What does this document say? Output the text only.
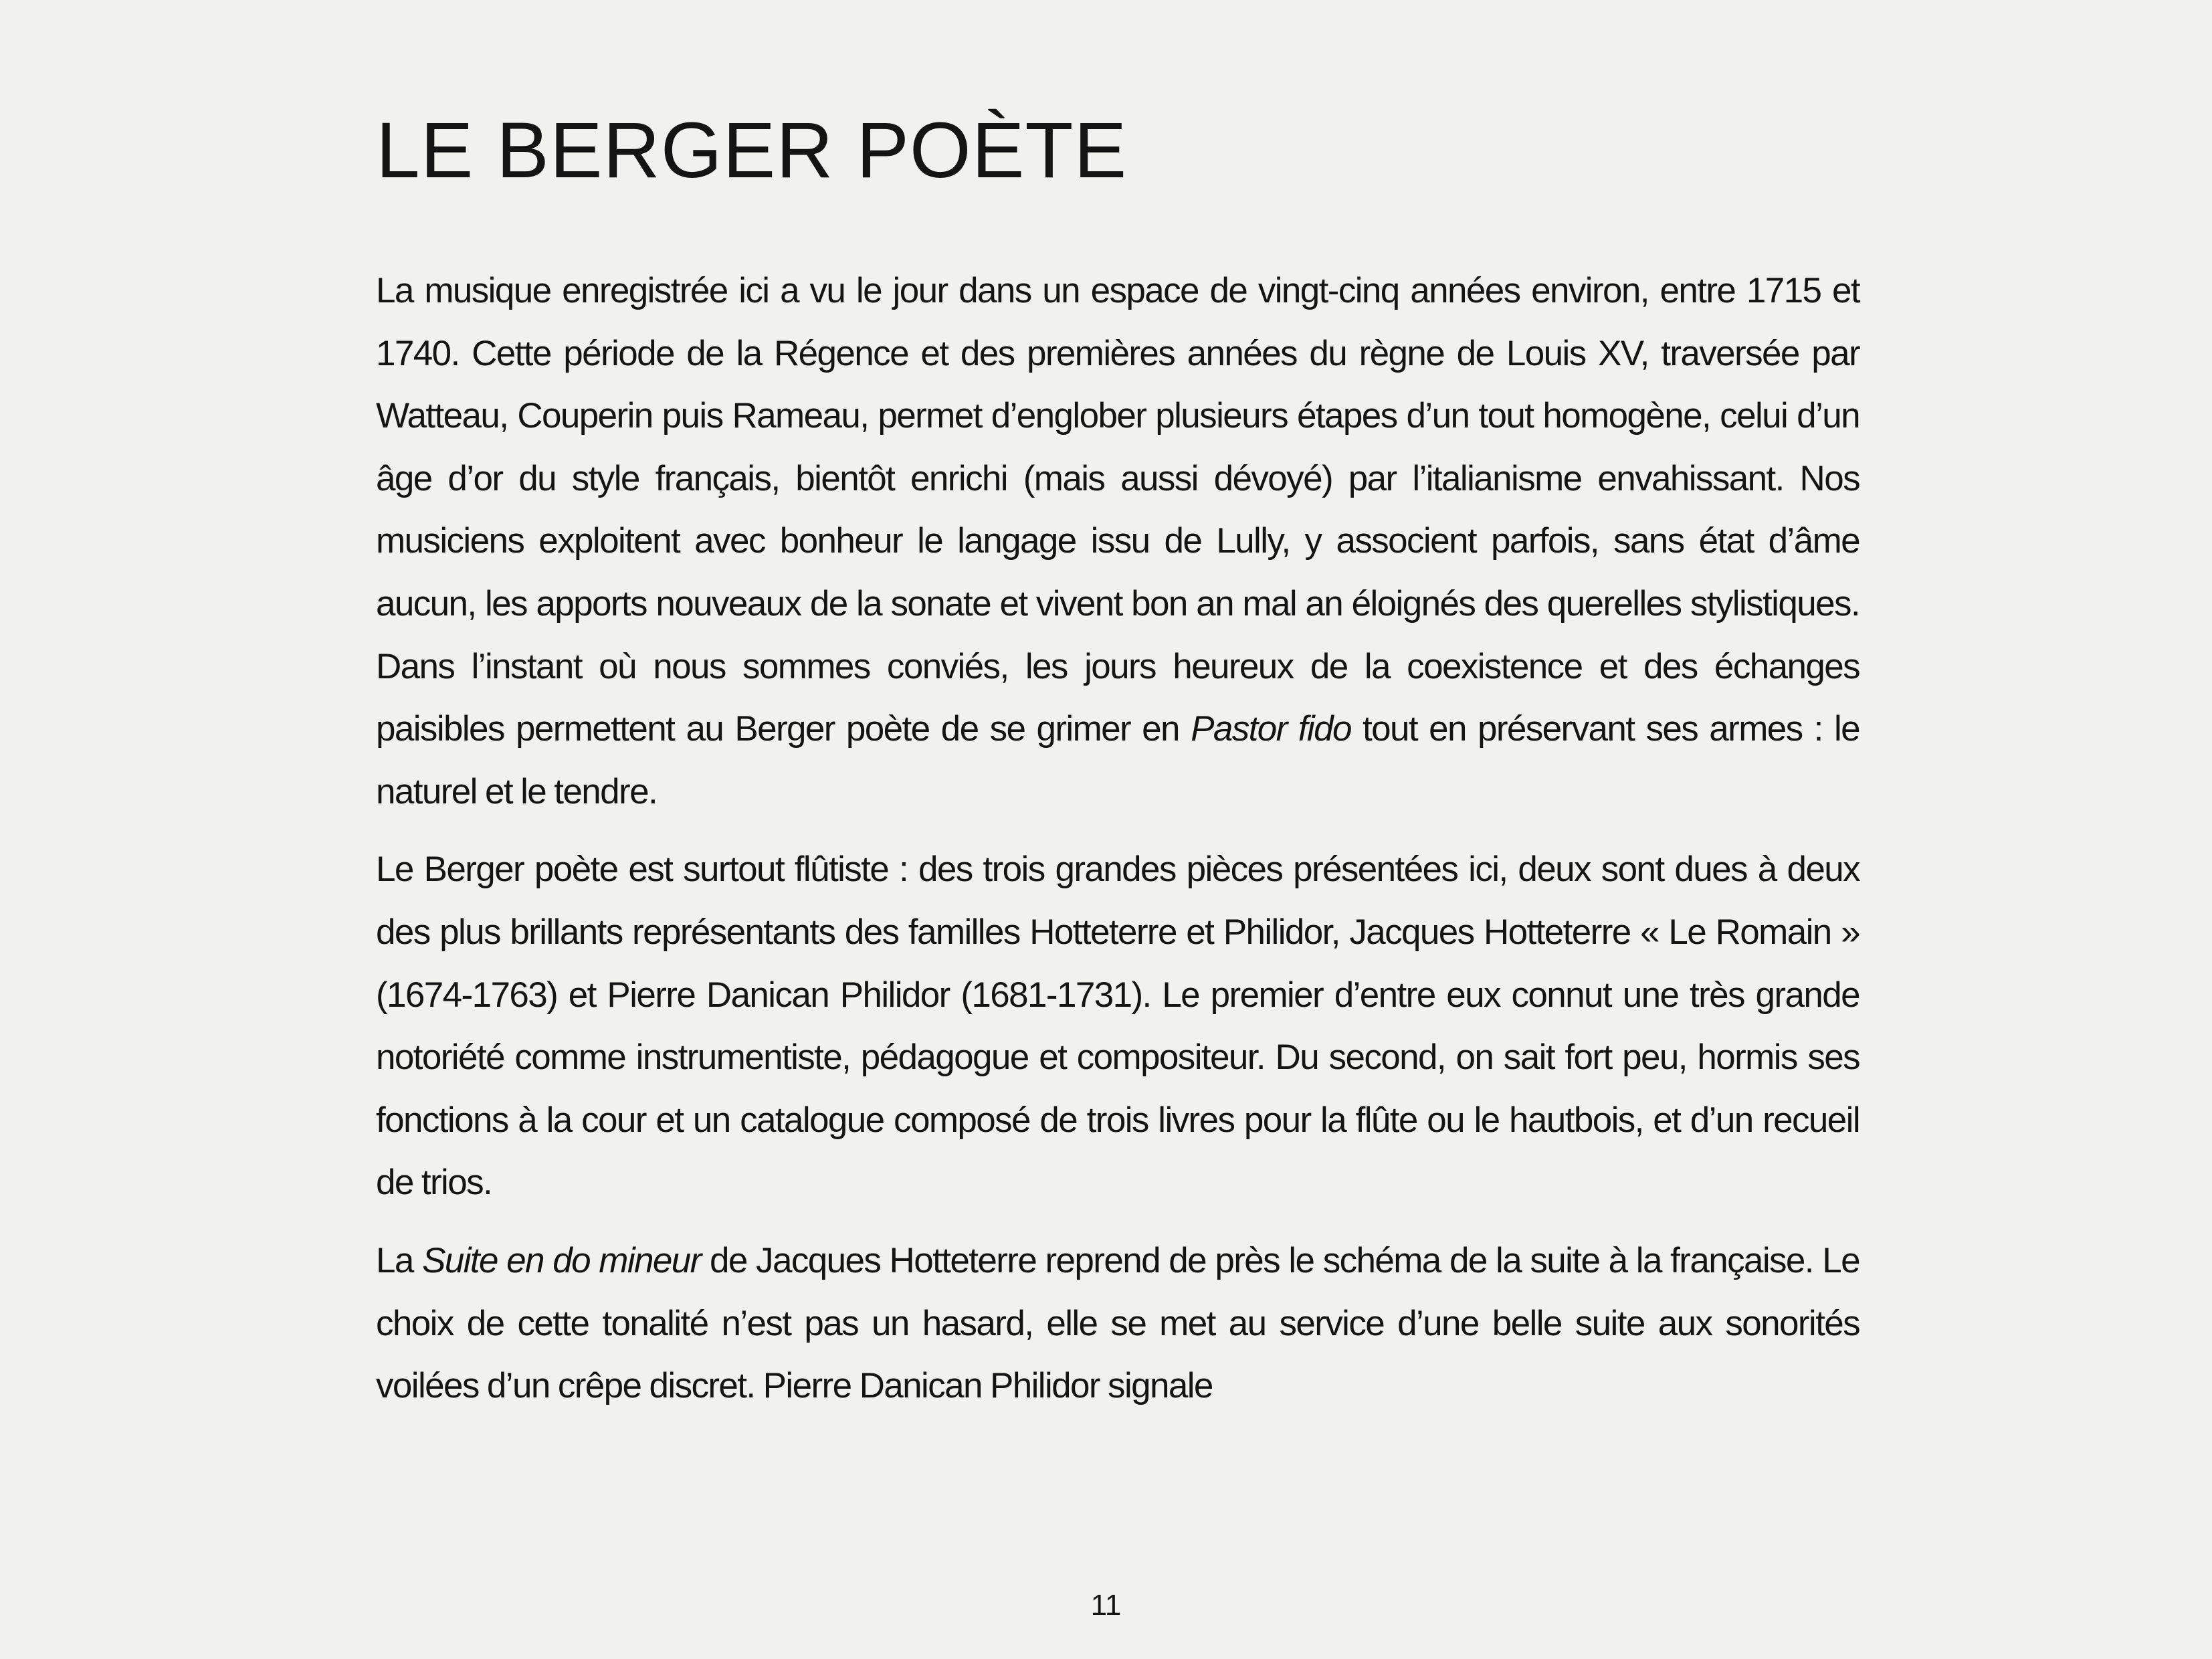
LE BERGER POÈTE

La musique enregistrée ici a vu le jour dans un espace de vingt-cinq années environ, entre 1715 et 1740. Cette période de la Régence et des premières années du règne de Louis XV, traversée par Watteau, Couperin puis Rameau, permet d’englober plusieurs étapes d’un tout homogène, celui d’un âge d’or du style français, bientôt enrichi (mais aussi dévoyé) par l’italianisme envahissant. Nos musiciens exploitent avec bonheur le langage issu de Lully, y associent parfois, sans état d’âme aucun, les apports nouveaux de la sonate et vivent bon an mal an éloignés des querelles stylistiques. Dans l’instant où nous sommes conviés, les jours heureux de la coexistence et des échanges paisibles permettent au Berger poète de se grimer en Pastor fido tout en préservant ses armes : le naturel et le tendre.

Le Berger poète est surtout flûtiste : des trois grandes pièces présentées ici, deux sont dues à deux des plus brillants représentants des familles Hotteterre et Philidor, Jacques Hotteterre « Le Romain » (1674-1763) et Pierre Danican Philidor (1681-1731). Le premier d’entre eux connut une très grande notoriété comme instrumentiste, pédagogue et compositeur. Du second, on sait fort peu, hormis ses fonctions à la cour et un catalogue composé de trois livres pour la flûte ou le hautbois, et d’un recueil de trios.

La Suite en do mineur de Jacques Hotteterre reprend de près le schéma de la suite à la française. Le choix de cette tonalité n’est pas un hasard, elle se met au service d’une belle suite aux sonorités voilées d’un crêpe discret. Pierre Danican Philidor signale

11
